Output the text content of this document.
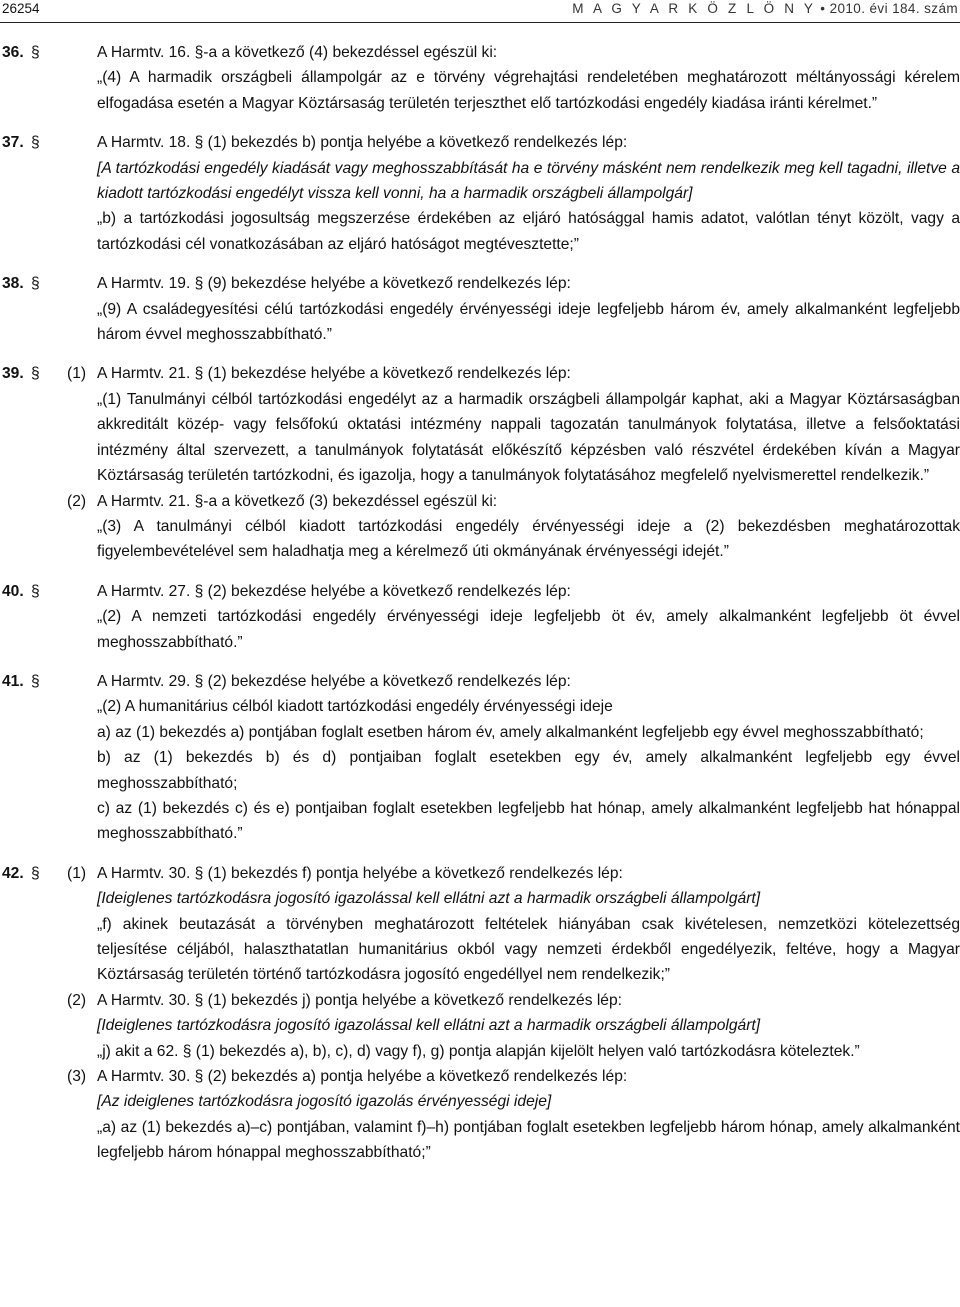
26254	M A G Y A R K Ö Z L Ö N Y • 2010. évi 184. szám
36. §	A Harmtv. 16. §-a a következő (4) bekezdéssel egészül ki:
„(4) A harmadik országbeli állampolgár az e törvény végrehajtási rendeletében meghatározott méltányossági kérelem elfogadása esetén a Magyar Köztársaság területén terjeszthet elő tartózkodási engedély kiadása iránti kérelmet.”
37. §	A Harmtv. 18. § (1) bekezdés b) pontja helyébe a következő rendelkezés lép:
[A tartózkodási engedély kiadását vagy meghosszabbítását ha e törvény másként nem rendelkezik meg kell tagadni, illetve a kiadott tartózkodási engedélyt vissza kell vonni, ha a harmadik országbeli állampolgár]
„b) a tartózkodási jogosultság megszerzése érdekében az eljáró hatósággal hamis adatot, valótlan tényt közölt, vagy a tartózkodási cél vonatkozásában az eljáró hatóságot megtévesztette;”
38. §	A Harmtv. 19. § (9) bekezdése helyébe a következő rendelkezés lép:
„(9) A családegyesítési célú tartózkodási engedély érvényességi ideje legfeljebb három év, amely alkalmanként legfeljebb három évvel meghosszabbítható.”
39. § (1) A Harmtv. 21. § (1) bekezdése helyébe a következő rendelkezés lép:
„(1) Tanulmányi célból tartózkodási engedélyt az a harmadik országbeli állampolgár kaphat, aki a Magyar Köztársaságban akkreditált közép- vagy felsőfokú oktatási intézmény nappali tagozatán tanulmányok folytatása, illetve a felsőoktatási intézmény által szervezett, a tanulmányok folytatását előkészítő képzésben való részvétel érdekében kíván a Magyar Köztársaság területén tartózkodni, és igazolja, hogy a tanulmányok folytatásához megfelelő nyelvismerettel rendelkezik.”
(2) A Harmtv. 21. §-a a következő (3) bekezdéssel egészül ki:
„(3) A tanulmányi célból kiadott tartózkodási engedély érvényességi ideje a (2) bekezdésben meghatározottak figyelembevételével sem haladhatja meg a kérelmező úti okmányának érvényességi idejét.”
40. §	A Harmtv. 27. § (2) bekezdése helyébe a következő rendelkezés lép:
„(2) A nemzeti tartózkodási engedély érvényességi ideje legfeljebb öt év, amely alkalmanként legfeljebb öt évvel meghosszabbítható.”
41. §	A Harmtv. 29. § (2) bekezdése helyébe a következő rendelkezés lép:
„(2) A humanitárius célból kiadott tartózkodási engedély érvényességi ideje
a) az (1) bekezdés a) pontjában foglalt esetben három év, amely alkalmanként legfeljebb egy évvel meghosszabbítható;
b) az (1) bekezdés b) és d) pontjaiban foglalt esetekben egy év, amely alkalmanként legfeljebb egy évvel meghosszabbítható;
c) az (1) bekezdés c) és e) pontjaiban foglalt esetekben legfeljebb hat hónap, amely alkalmanként legfeljebb hat hónappal meghosszabbítható.”
42. § (1) A Harmtv. 30. § (1) bekezdés f) pontja helyébe a következő rendelkezés lép:
[Ideiglenes tartózkodásra jogosító igazolással kell ellátni azt a harmadik országbeli állampolgárt]
„f) akinek beutazását a törvényben meghatározott feltételek hiányában csak kivételesen, nemzetközi kötelezettség teljesítése céljából, halaszthatatlan humanitárius okból vagy nemzeti érdekből engedélyezik, feltéve, hogy a Magyar Köztársaság területén történő tartózkodásra jogosító engedéllyel nem rendelkezik;”
(2) A Harmtv. 30. § (1) bekezdés j) pontja helyébe a következő rendelkezés lép:
[Ideiglenes tartózkodásra jogosító igazolással kell ellátni azt a harmadik országbeli állampolgárt]
„j) akit a 62. § (1) bekezdés a), b), c), d) vagy f), g) pontja alapján kijelölt helyen való tartózkodásra köteleztek.”
(3) A Harmtv. 30. § (2) bekezdés a) pontja helyébe a következő rendelkezés lép:
[Az ideiglenes tartózkodásra jogosító igazolás érvényességi ideje]
„a) az (1) bekezdés a)–c) pontjában, valamint f)–h) pontjában foglalt esetekben legfeljebb három hónap, amely alkalmanként legfeljebb három hónappal meghosszabbítható;”
